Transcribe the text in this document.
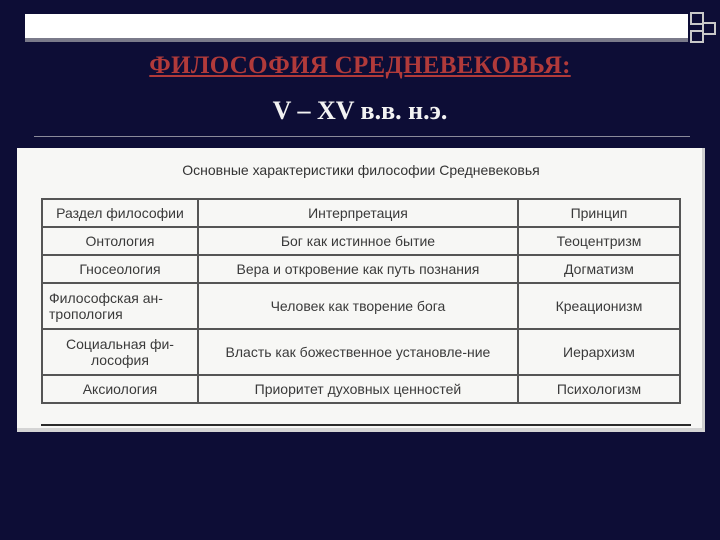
ФИЛОСОФИЯ СРЕДНЕВЕКОВЬЯ:
V – XV в.в. н.э.
Основные характеристики философии Средневековья
Раздел философии	Интерпретация	Принцип
Онтология	Бог как истинное бытие	Теоцентризм
Гносеология	Вера и откровение как путь познания	Догматизм
Философская ан-тропология	Человек как творение бога	Креационизм
Социальная фи-лософия	Власть как божественное установле-ние	Иерархизм
Аксиология	Приоритет духовных ценностей	Психологизм
